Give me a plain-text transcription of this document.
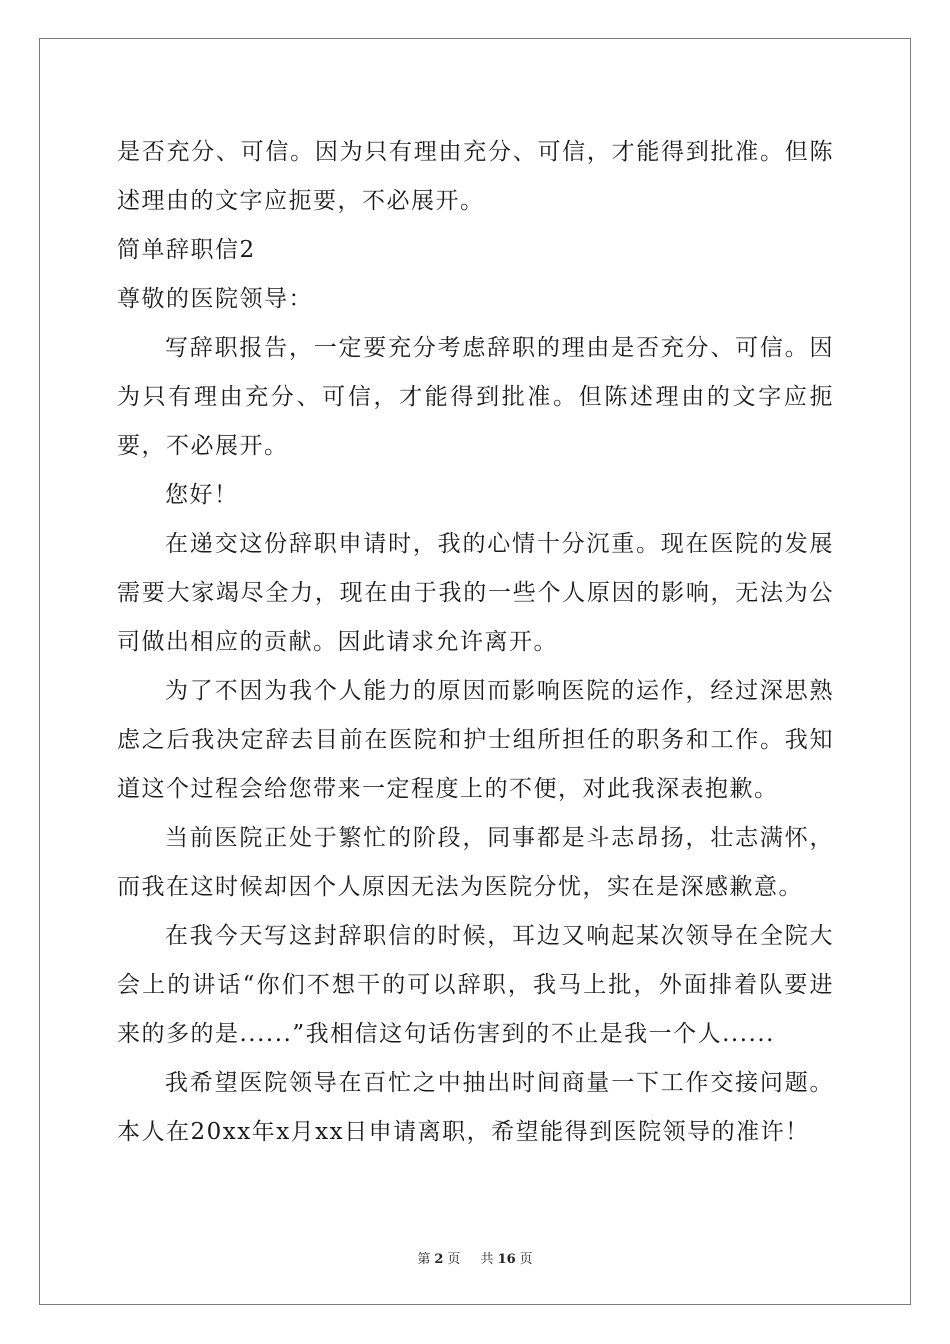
是否充分、可信。因为只有理由充分、可信，才能得到批准。但陈述理由的文字应扼要，不必展开。

简单辞职信2

尊敬的医院领导：

写辞职报告，一定要充分考虑辞职的理由是否充分、可信。因为只有理由充分、可信，才能得到批准。但陈述理由的文字应扼要，不必展开。

您好！

在递交这份辞职申请时，我的心情十分沉重。现在医院的发展需要大家竭尽全力，现在由于我的一些个人原因的影响，无法为公司做出相应的贡献。因此请求允许离开。

为了不因为我个人能力的原因而影响医院的运作，经过深思熟虑之后我决定辞去目前在医院和护士组所担任的职务和工作。我知道这个过程会给您带来一定程度上的不便，对此我深表抱歉。

当前医院正处于繁忙的阶段，同事都是斗志昂扬，壮志满怀，而我在这时候却因个人原因无法为医院分忧，实在是深感歉意。

在我今天写这封辞职信的时候，耳边又响起某次领导在全院大会上的讲话“你们不想干的可以辞职，我马上批，外面排着队要进来的多的是......”我相信这句话伤害到的不止是我一个人......

我希望医院领导在百忙之中抽出时间商量一下工作交接问题。本人在20xx年x月xx日申请离职，希望能得到医院领导的准许！

第 2 页 共 16 页
